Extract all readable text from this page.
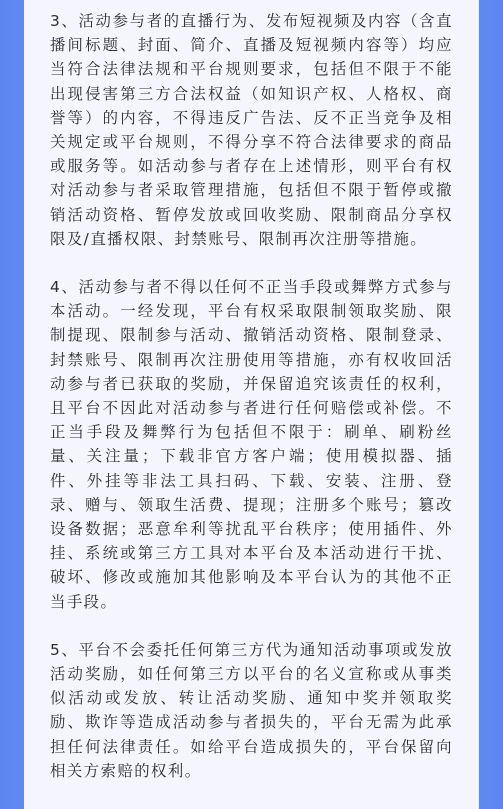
3、活动参与者的直播行为、发布短视频及内容（含直播间标题、封面、简介、直播及短视频内容等）均应当符合法律法规和平台规则要求，包括但不限于不能出现侵害第三方合法权益（如知识产权、人格权、商誉等）的内容，不得违反广告法、反不正当竞争及相关规定或平台规则，不得分享不符合法律要求的商品或服务等。如活动参与者存在上述情形，则平台有权对活动参与者采取管理措施，包括但不限于暂停或撤销活动资格、暂停发放或回收奖励、限制商品分享权限及/直播权限、封禁账号、限制再次注册等措施。

4、活动参与者不得以任何不正当手段或舞弊方式参与本活动。一经发现，平台有权采取限制领取奖励、限制提现、限制参与活动、撤销活动资格、限制登录、封禁账号、限制再次注册使用等措施，亦有权收回活动参与者已获取的奖励，并保留追究该责任的权利，且平台不因此对活动参与者进行任何赔偿或补偿。不正当手段及舞弊行为包括但不限于：刷单、刷粉丝量、关注量；下载非官方客户端；使用模拟器、插件、外挂等非法工具扫码、下载、安装、注册、登录、赠与、领取生活费、提现；注册多个账号；篡改设备数据；恶意牟利等扰乱平台秩序；使用插件、外挂、系统或第三方工具对本平台及本活动进行干扰、破坏、修改或施加其他影响及本平台认为的其他不正当手段。

5、平台不会委托任何第三方代为通知活动事项或发放活动奖励，如任何第三方以平台的名义宣称或从事类似活动或发放、转让活动奖励、通知中奖并领取奖励、欺诈等造成活动参与者损失的，平台无需为此承担任何法律责任。如给平台造成损失的，平台保留向相关方索赔的权利。
